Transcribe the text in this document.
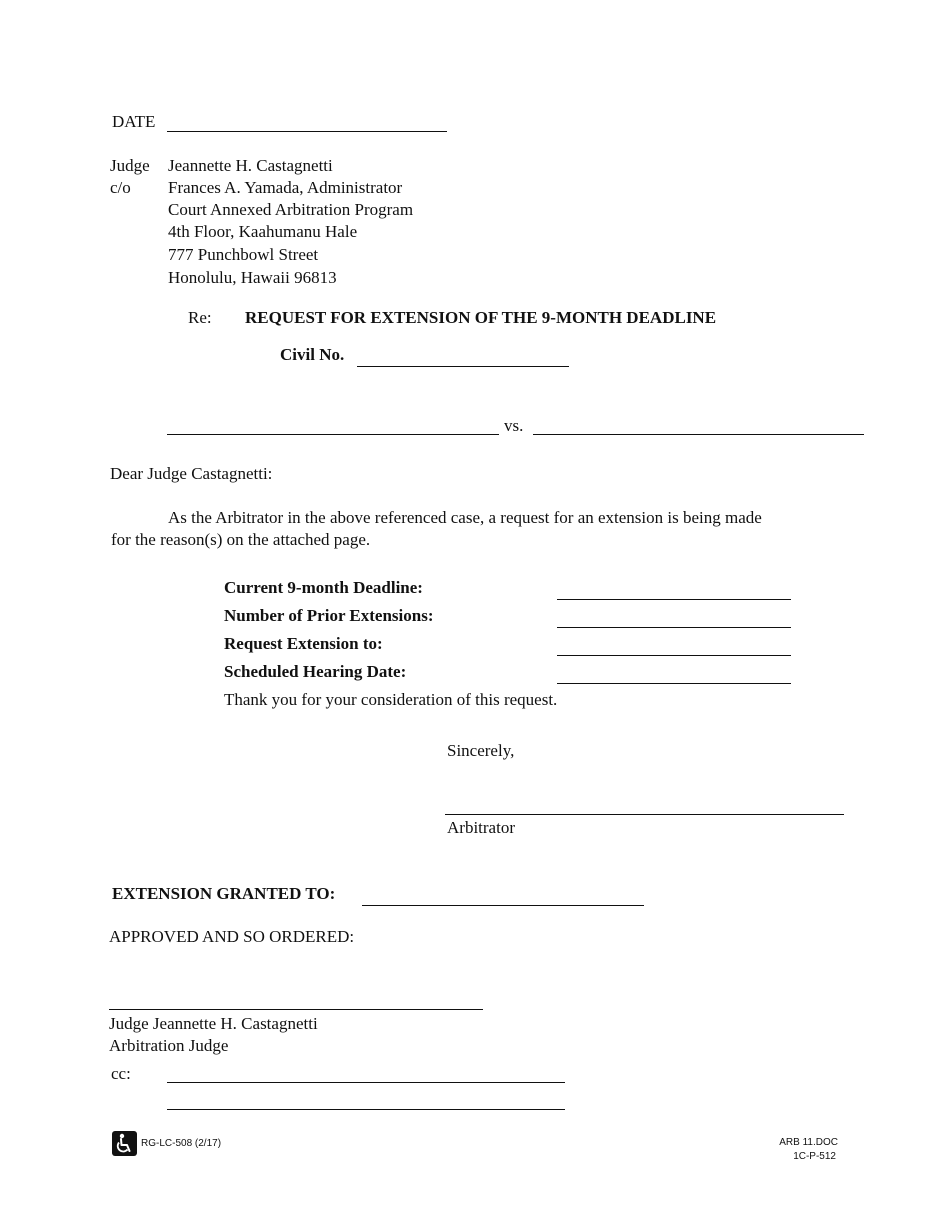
DATE
Judge
c/o
Jeannette H. Castagnetti
Frances A. Yamada, Administrator
Court Annexed Arbitration Program
4th Floor, Kaahumanu Hale
777 Punchbowl Street
Honolulu, Hawaii 96813
Re: REQUEST FOR EXTENSION OF THE 9-MONTH DEADLINE
Civil No.
vs.
Dear Judge Castagnetti:
As the Arbitrator in the above referenced case, a request for an extension is being made
for the reason(s) on the attached page.
Current 9-month Deadline:
Number of Prior Extensions:
Request Extension to:
Scheduled Hearing Date:
Thank you for your consideration of this request.
Sincerely,
Arbitrator
EXTENSION GRANTED TO:
APPROVED AND SO ORDERED:
Judge Jeannette H. Castagnetti
Arbitration Judge
cc:
RG-LC-508 (2/17)	ARB 11.DOC
1C-P-512
